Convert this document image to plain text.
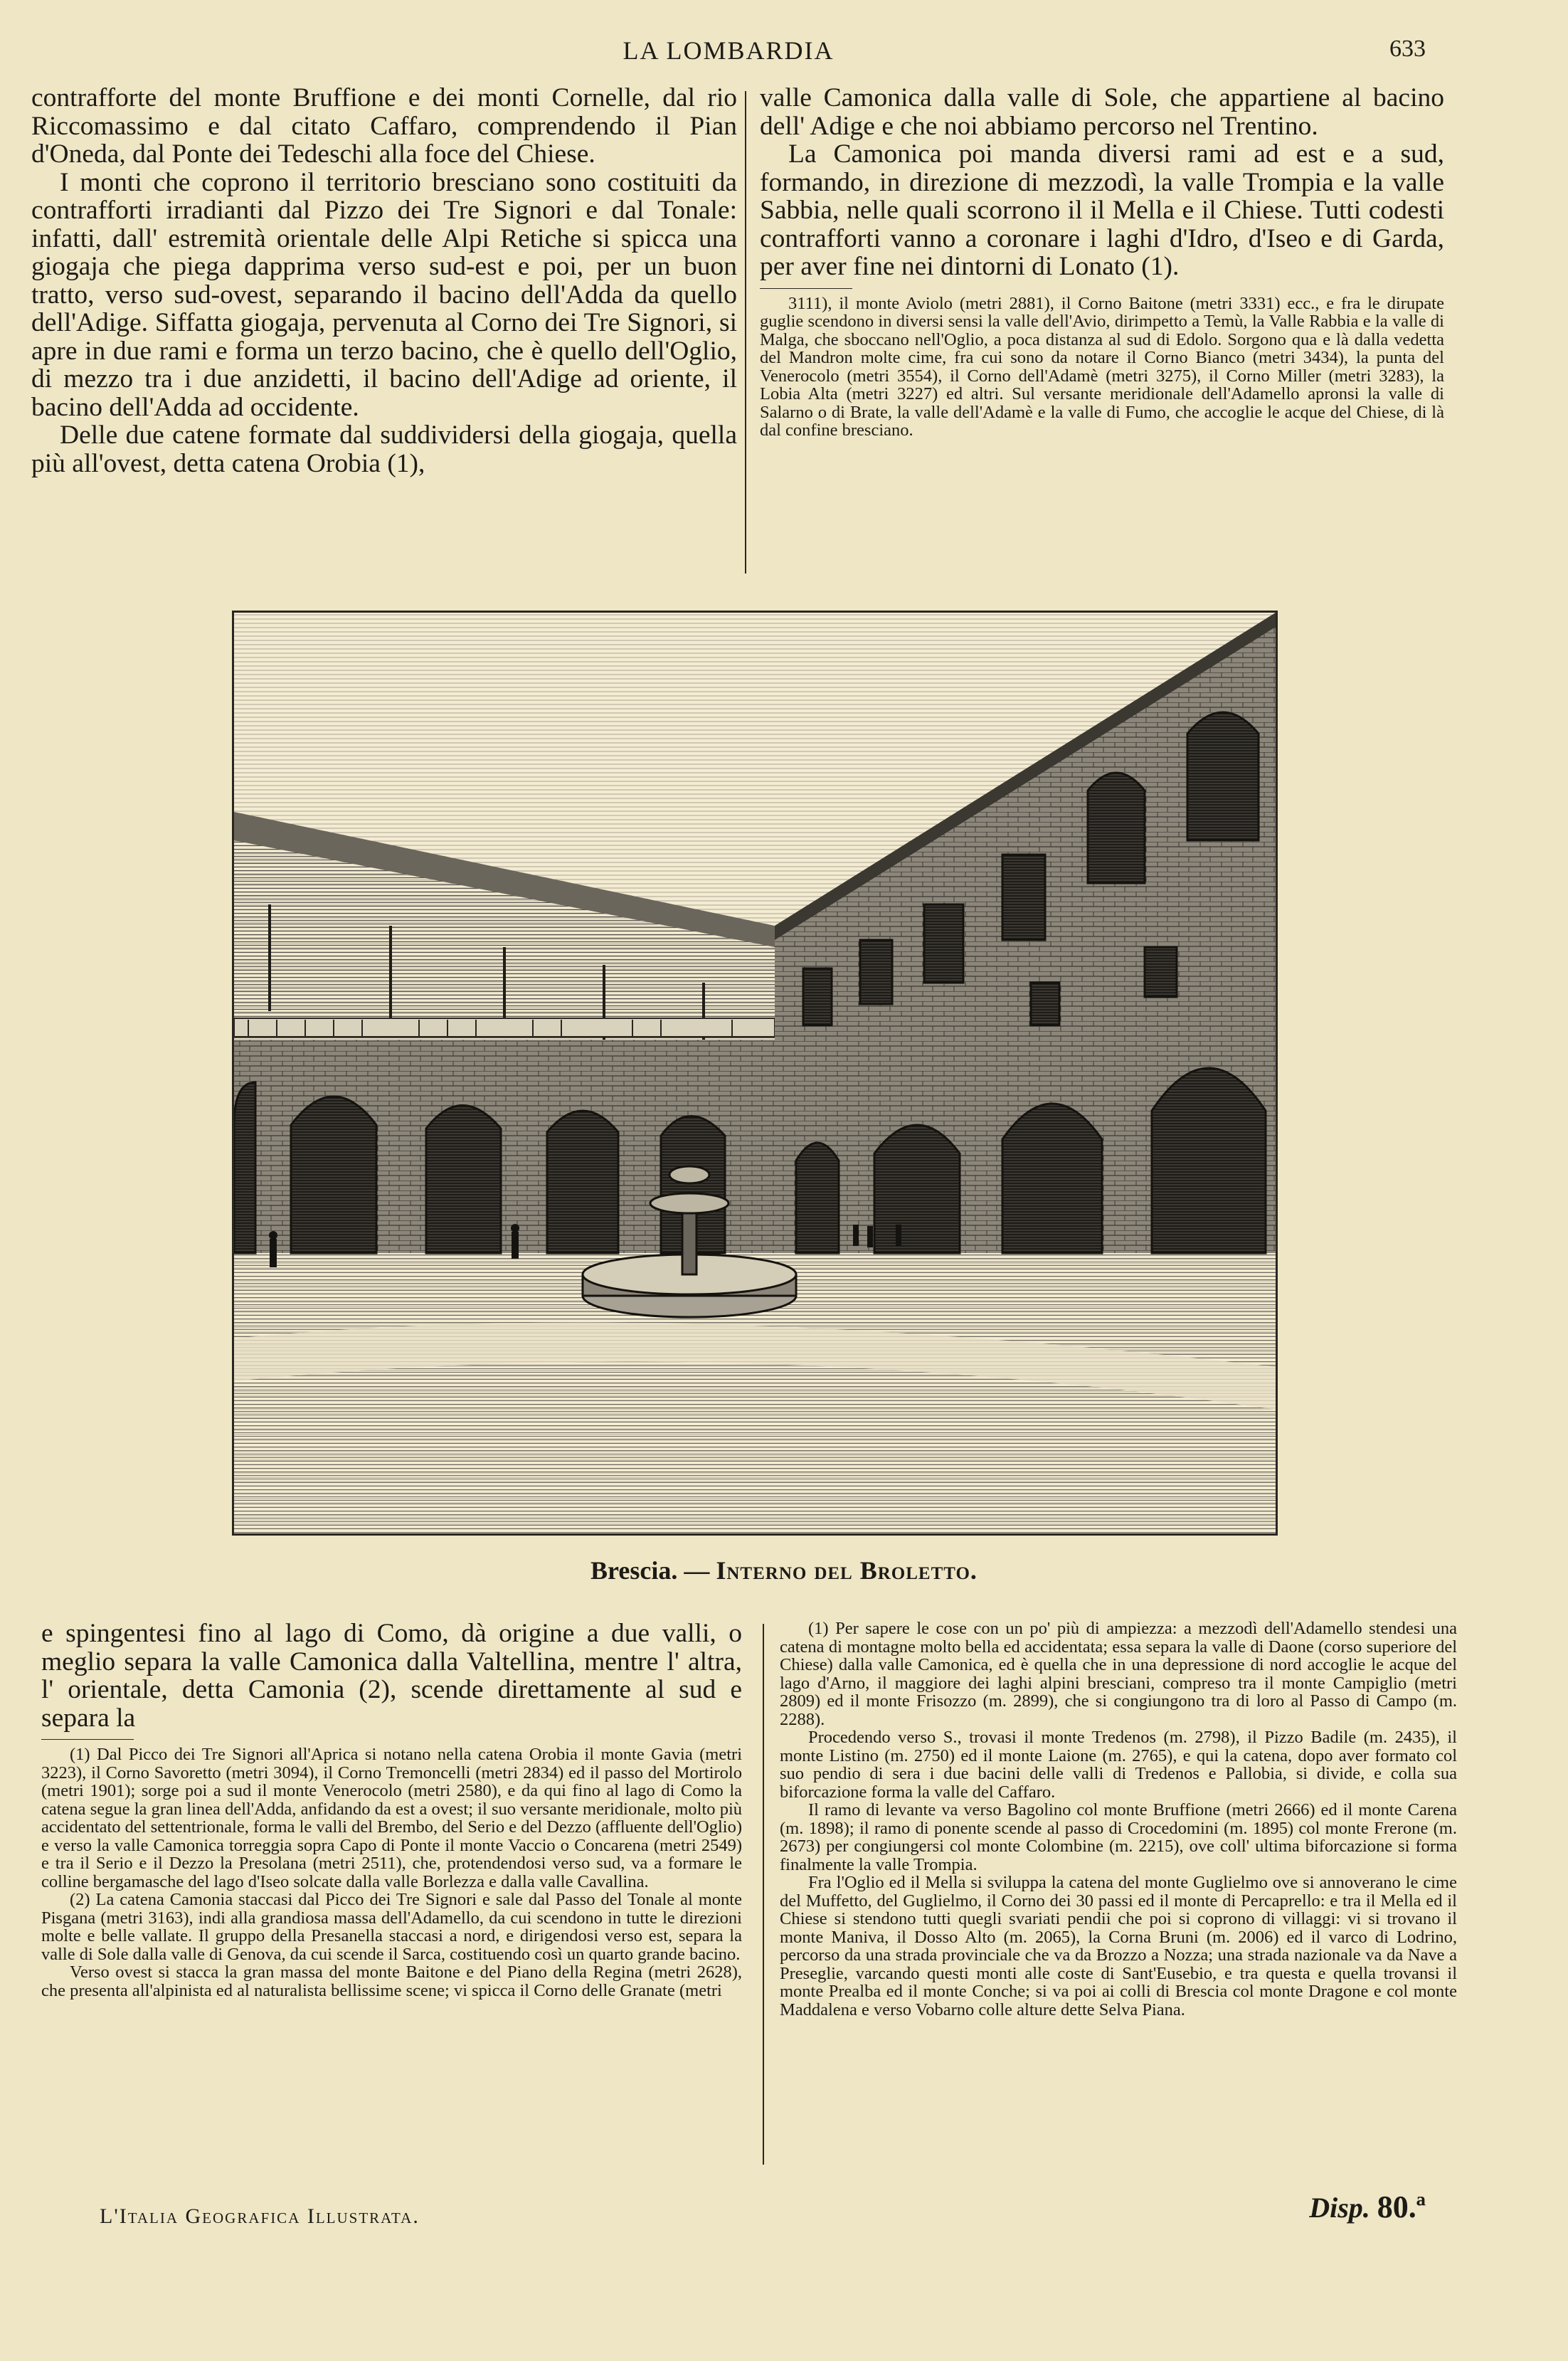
LA LOMBARDIA	633

contrafforte del monte Bruffione e dei monti Cornelle, dal rio Riccomassimo e dal citato Caffaro, comprendendo il Pian d'Oneda, dal Ponte dei Tedeschi alla foce del Chiese.

I monti che coprono il territorio bresciano sono costituiti da contrafforti irradianti dal Pizzo dei Tre Signori e dal Tonale: infatti, dall' estremità orientale delle Alpi Retiche si spicca una giogaja che piega dapprima verso sud-est e poi, per un buon tratto, verso sud-ovest, separando il bacino dell'Adda da quello dell'Adige. Siffatta giogaja, pervenuta al Corno dei Tre Signori, si apre in due rami e forma un terzo bacino, che è quello dell'Oglio, di mezzo tra i due anzidetti, il bacino dell'Adige ad oriente, il bacino dell'Adda ad occidente.

Delle due catene formate dal suddividersi della giogaja, quella più all'ovest, detta catena Orobia (1),

valle Camonica dalla valle di Sole, che appartiene al bacino dell' Adige e che noi abbiamo percorso nel Trentino.

La Camonica poi manda diversi rami ad est e a sud, formando, in direzione di mezzodì, la valle Trompia e la valle Sabbia, nelle quali scorrono il il Mella e il Chiese. Tutti codesti contrafforti vanno a coronare i laghi d'Idro, d'Iseo e di Garda, per aver fine nei dintorni di Lonato (1).

3111), il monte Aviolo (metri 2881), il Corno Baitone (metri 3331) ecc., e fra le dirupate guglie scendono in diversi sensi la valle dell'Avio, dirimpetto a Temù, la Valle Rabbia e la valle di Malga, che sboccano nell'Oglio, a poca distanza al sud di Edolo. Sorgono qua e là dalla vedetta del Mandron molte cime, fra cui sono da notare il Corno Bianco (metri 3434), la punta del Venerocolo (metri 3554), il Corno dell'Adamè (metri 3275), il Corno Miller (metri 3283), la Lobia Alta (metri 3227) ed altri. Sul versante meridionale dell'Adamello apronsi la valle di Salarno o di Brate, la valle dell'Adamè e la valle di Fumo, che accoglie le acque del Chiese, di là dal confine bresciano.

Brescia. — Interno del Broletto.

e spingentesi fino al lago di Como, dà origine a due valli, o meglio separa la valle Camonica dalla Valtellina, mentre l' altra, l' orientale, detta Camonia (2), scende direttamente al sud e separa la

(1) Dal Picco dei Tre Signori all'Aprica si notano nella catena Orobia il monte Gavia (metri 3223), il Corno Savoretto (metri 3094), il Corno Tremoncelli (metri 2834) ed il passo del Mortirolo (metri 1901); sorge poi a sud il monte Venerocolo (metri 2580), e da qui fino al lago di Como la catena segue la gran linea dell'Adda, anfidando da est a ovest; il suo versante meridionale, molto più accidentato del settentrionale, forma le valli del Brembo, del Serio e del Dezzo (affluente dell'Oglio) e verso la valle Camonica torreggia sopra Capo di Ponte il monte Vaccio o Concarena (metri 2549) e tra il Serio e il Dezzo la Presolana (metri 2511), che, protendendosi verso sud, va a formare le colline bergamasche del lago d'Iseo solcate dalla valle Borlezza e dalla valle Cavallina.

(2) La catena Camonia staccasi dal Picco dei Tre Signori e sale dal Passo del Tonale al monte Pisgana (metri 3163), indi alla grandiosa massa dell'Adamello, da cui scendono in tutte le direzioni molte e belle vallate. Il gruppo della Presanella staccasi a nord, e dirigendosi verso est, separa la valle di Sole dalla valle di Genova, da cui scende il Sarca, costituendo così un quarto grande bacino.

Verso ovest si stacca la gran massa del monte Baitone e del Piano della Regina (metri 2628), che presenta all'alpinista ed al naturalista bellissime scene; vi spicca il Corno delle Granate (metri

(1) Per sapere le cose con un po' più di ampiezza: a mezzodì dell'Adamello stendesi una catena di montagne molto bella ed accidentata; essa separa la valle di Daone (corso superiore del Chiese) dalla valle Camonica, ed è quella che in una depressione di nord accoglie le acque del lago d'Arno, il maggiore dei laghi alpini bresciani, compreso tra il monte Campiglio (metri 2809) ed il monte Frisozzo (m. 2899), che si congiungono tra di loro al Passo di Campo (m. 2288).

Procedendo verso S., trovasi il monte Tredenos (m. 2798), il Pizzo Badile (m. 2435), il monte Listino (m. 2750) ed il monte Laione (m. 2765), e qui la catena, dopo aver formato col suo pendio di sera i due bacini delle valli di Tredenos e Pallobia, si divide, e colla sua biforcazione forma la valle del Caffaro.

Il ramo di levante va verso Bagolino col monte Bruffione (metri 2666) ed il monte Carena (m. 1898); il ramo di ponente scende al passo di Crocedomini (m. 1895) col monte Frerone (m. 2673) per congiungersi col monte Colombine (m. 2215), ove coll' ultima biforcazione si forma finalmente la valle Trompia.

Fra l'Oglio ed il Mella si sviluppa la catena del monte Guglielmo ove si annoverano le cime del Muffetto, del Guglielmo, il Corno dei 30 passi ed il monte di Percaprello: e tra il Mella ed il Chiese si stendono tutti quegli svariati pendii che poi si coprono di villaggi: vi si trovano il monte Maniva, il Dosso Alto (m. 2065), la Corna Bruni (m. 2006) ed il varco di Lodrino, percorso da una strada provinciale che va da Brozzo a Nozza; una strada nazionale va da Nave a Preseglie, varcando questi monti alle coste di Sant'Eusebio, e tra questa e quella trovansi il monte Prealba ed il monte Conche; si va poi ai colli di Brescia col monte Dragone e col monte Maddalena e verso Vobarno colle alture dette Selva Piana.

L'Italia Geografica Illustrata.	Disp. 80.ª
